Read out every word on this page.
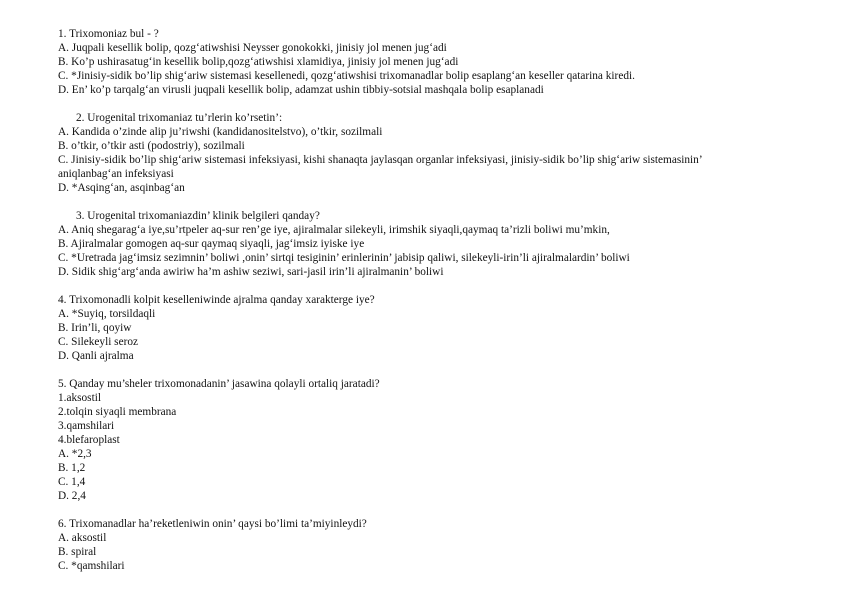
1. Trixomoniaz bul - ?
A. Juqpali kesellik bolip, qozg‘atiwshisi Neysser gonokokki, jinisiy jol menen jug‘adi
B. Ko’p ushirasatug‘in kesellik bolip,qozg‘atiwshisi xlamidiya, jinisiy jol menen jug‘adi
C. *Jinisiy-sidik bo’lip shig‘ariw sistemasi kesellenedi, qozg‘atiwshisi trixomanadlar bolip esaplang‘an keseller qatarina kiredi.
D. En’ ko’p tarqalg‘an virusli juqpali kesellik bolip, adamzat ushin tibbiy-sotsial mashqala bolip esaplanadi
2. Urogenital trixomaniaz tu’rlerin ko’rsetin’:
A. Kandida o’zinde alip ju’riwshi (kandidanositelstvo), o’tkir, sozilmali
B. o’tkir, o’tkir asti (podostriy), sozilmali
C. Jinisiy-sidik bo’lip shig‘ariw sistemasi infeksiyasi, kishi shanaqta jaylasqan organlar infeksiyasi, jinisiy-sidik bo’lip shig‘ariw sistemasinin’
aniqlanbag‘an infeksiyasi
D. *Asqing‘an, asqinbag‘an
3. Urogenital trixomaniazdin’ klinik belgileri qanday?
A. Aniq shegarag‘a iye,su’rtpeler aq-sur ren’ge iye, ajiralmalar silekeyli, irimshik siyaqli,qaymaq ta’rizli boliwi mu’mkin,
B. Ajiralmalar gomogen aq-sur qaymaq siyaqli, jag‘imsiz iyiske iye
C. *Uretrada jag‘imsiz sezimnin’ boliwi ,onin’ sirtqi tesiginin’ erinlerinin’ jabisip qaliwi, silekeyli-irin’li ajiralmalardin’ boliwi
D. Sidik shig‘arg‘anda awiriw ha’m ashiw seziwi, sari-jasil irin’li ajiralmanin’ boliwi
4. Trixomonadli kolpit keselleniwinde ajralma qanday xarakterge iye?
A. *Suyiq, torsildaqli
B. Irin’li, qoyiw
C. Silekeyli seroz
D. Qanli ajralma
5. Qanday mu’sheler trixomonadanin’ jasawina qolayli ortaliq jaratadi?
1.aksostil
2.tolqin siyaqli membrana
3.qamshilari
4.blefaroplast
A. *2,3
B. 1,2
C. 1,4
D. 2,4
6. Trixomanadlar ha’reketleniwin onin’ qaysi bo’limi ta’miyinleydi?
A. aksostil
B. spiral
C. *qamshilari
